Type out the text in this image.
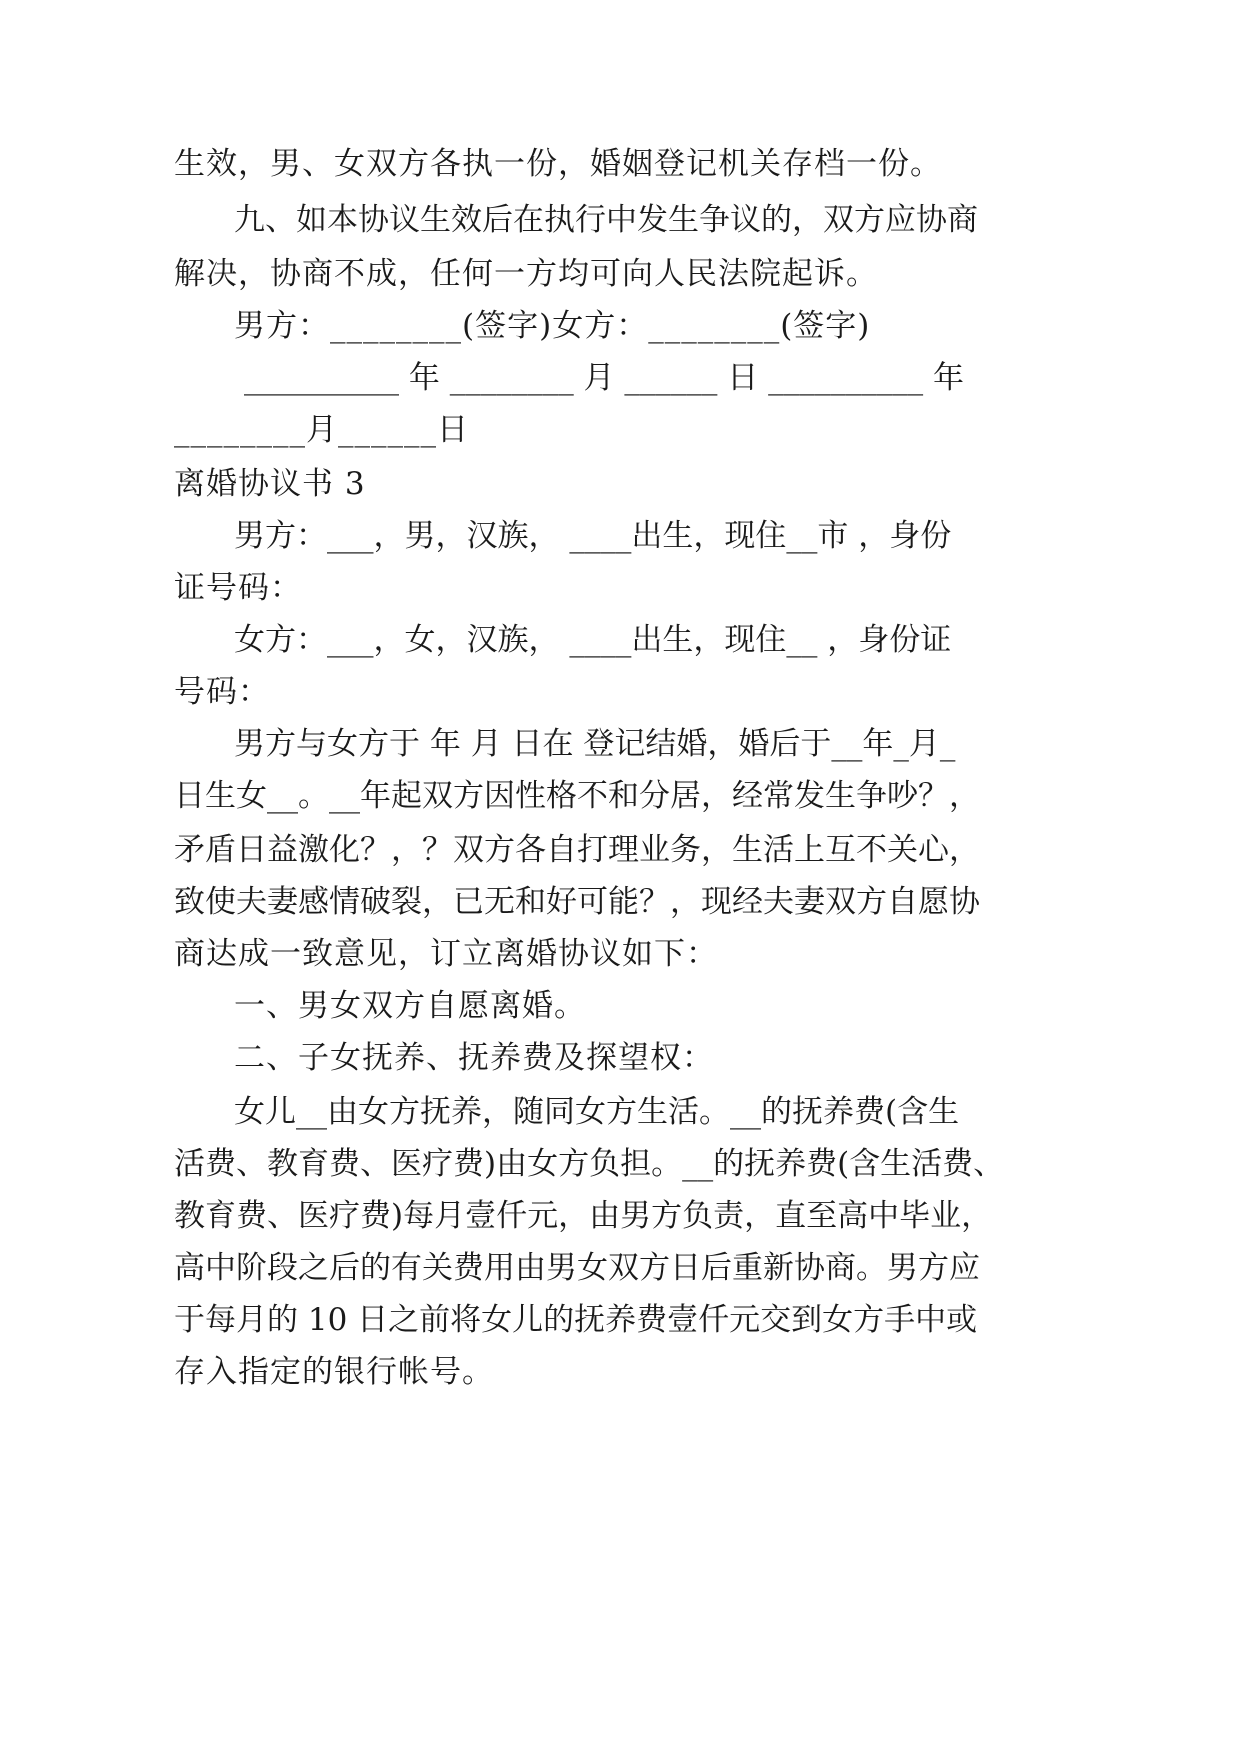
生效，男、女双方各执一份，婚姻登记机关存档一份。
九、如本协议生效后在执行中发生争议的，双方应协商
解决，协商不成，任何一方均可向人民法院起诉。
男方：________(签字)女方：________(签字)
__________ 年 ________ 月 ______ 日 __________ 年
________月______日
离婚协议书 3
男方：___，男，汉族， ____出生，现住__市 ，身份
证号码：
女方：___，女，汉族， ____出生，现住__ ，身份证
号码：
男方与女方于 年 月 日在 登记结婚，婚后于__年_月_
日生女__。__年起双方因性格不和分居，经常发生争吵？，
矛盾日益激化？，？双方各自打理业务，生活上互不关心，
致使夫妻感情破裂，已无和好可能？，现经夫妻双方自愿协
商达成一致意见，订立离婚协议如下：
一、男女双方自愿离婚。
二、子女抚养、抚养费及探望权：
女儿__由女方抚养，随同女方生活。__的抚养费(含生
活费、教育费、医疗费)由女方负担。__的抚养费(含生活费、
教育费、医疗费)每月壹仟元，由男方负责，直至高中毕业，
高中阶段之后的有关费用由男女双方日后重新协商。男方应
于每月的 10 日之前将女儿的抚养费壹仟元交到女方手中或
存入指定的银行帐号。
